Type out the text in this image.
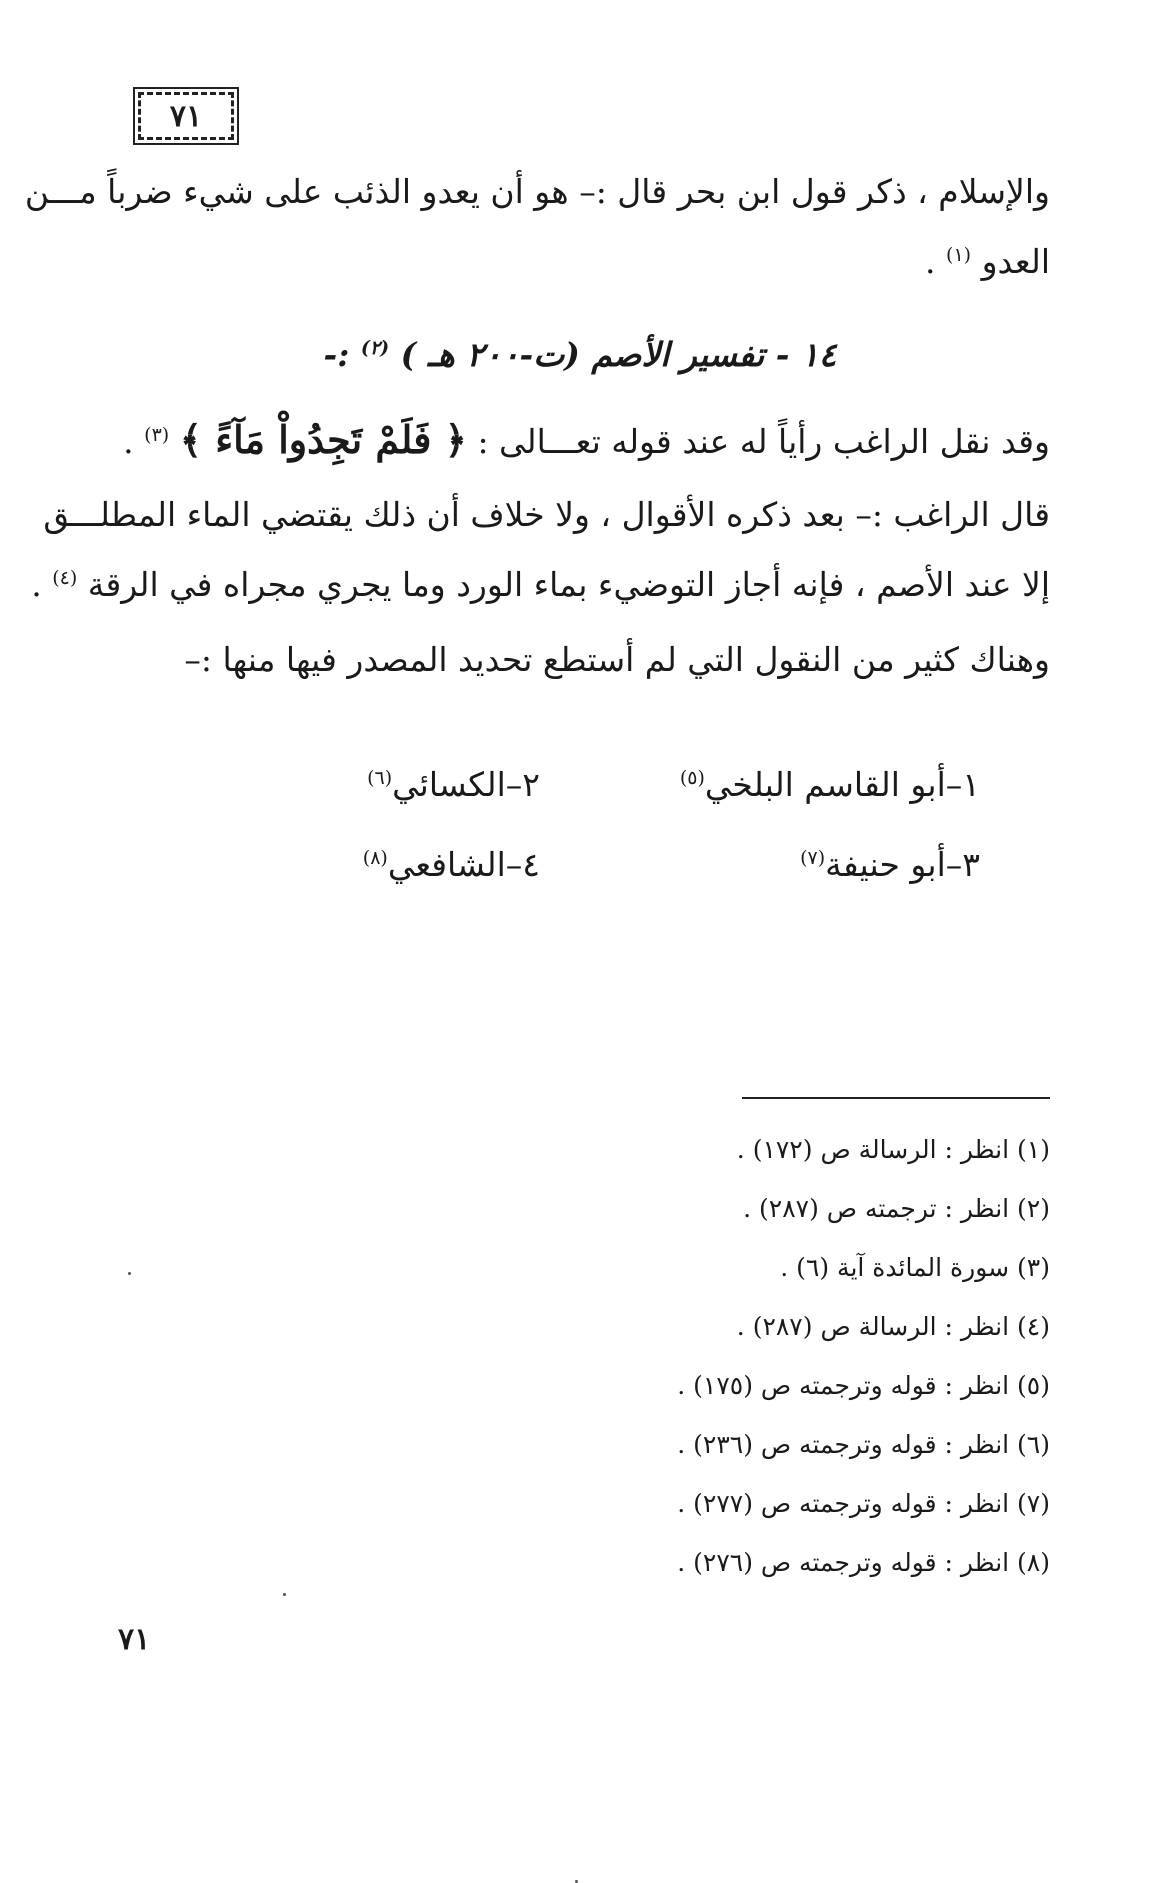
٧١
والإسلام ، ذكر قول ابن بحر قال :– هو أن يعدو الذئب على شيء ضرباً مـــن
العدو $^{(١)}$ .
١٤ - تفسير الأصم (ت-٢٠٠ هـ ) $^{(٢)}$ :-
وقد نقل الراغب رأياً له عند قوله تعـــالى : ﴿ فَلَمْ تَجِدُواْ مَآءً ﴾ $^{(٣)}$ .
قال الراغب :– بعد ذكره الأقوال ، ولا خلاف أن ذلك يقتضي الماء المطلـــق
إلا عند الأصم ، فإنه أجاز التوضيء بماء الورد وما يجري مجراه في الرقة $^{(٤)}$ .
وهناك كثير من النقول التي لم أستطع تحديد المصدر فيها منها :–
١–أبو القاسم البلخي$^{(٥)}$
٢–الكسائي$^{(٦)}$
٣–أبو حنيفة$^{(٧)}$
٤–الشافعي$^{(٨)}$
(١) انظر : الرسالة ص (١٧٢) .
(٢) انظر : ترجمته ص (٢٨٧) .
(٣) سورة المائدة آية (٦) .
(٤) انظر : الرسالة ص (٢٨٧) .
(٥) انظر : قوله وترجمته ص (١٧٥) .
(٦) انظر : قوله وترجمته ص (٢٣٦) .
(٧) انظر : قوله وترجمته ص (٢٧٧) .
(٨) انظر : قوله وترجمته ص (٢٧٦) .
٧١
